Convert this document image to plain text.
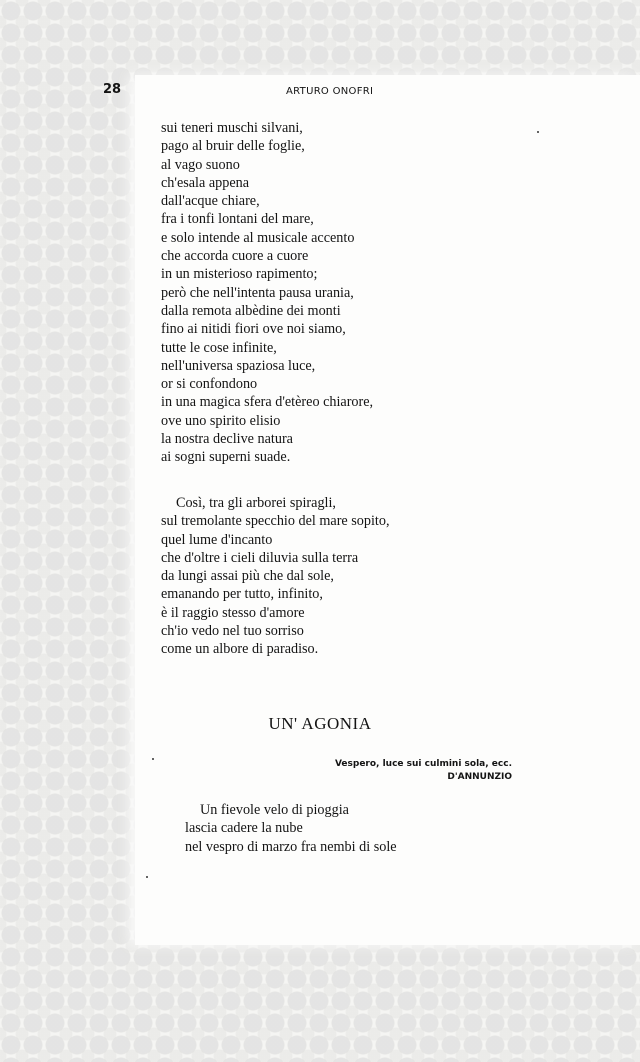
28	ARTURO ONOFRI
sui teneri muschi silvani,
pago al bruir delle foglie,
al vago suono
ch'esala appena
dall'acque chiare,
fra i tonfi lontani del mare,
e solo intende al musicale accento
che accorda cuore a cuore
in un misterioso rapimento;
però che nell'intenta pausa urania,
dalla remota albèdine dei monti
fino ai nitidi fiori ove noi siamo,
tutte le cose infinite,
nell'universa spaziosa luce,
or si confondono
in una magica sfera d'etèreo chiarore,
ove uno spirito elisio
la nostra declive natura
ai sogni superni suade.
Così, tra gli arborei spiragli,
sul tremolante specchio del mare sopito,
quel lume d'incanto
che d'oltre i cieli diluvia sulla terra
da lungi assai più che dal sole,
emanando per tutto, infinito,
è il raggio stesso d'amore
ch'io vedo nel tuo sorriso
come un albore di paradiso.
UN' AGONIA
Vespero, luce sui culmini sola, ecc.
D'ANNUNZIO
Un fievole velo di pioggia
lascia cadere la nube
nel vespro di marzo fra nembi di sole
